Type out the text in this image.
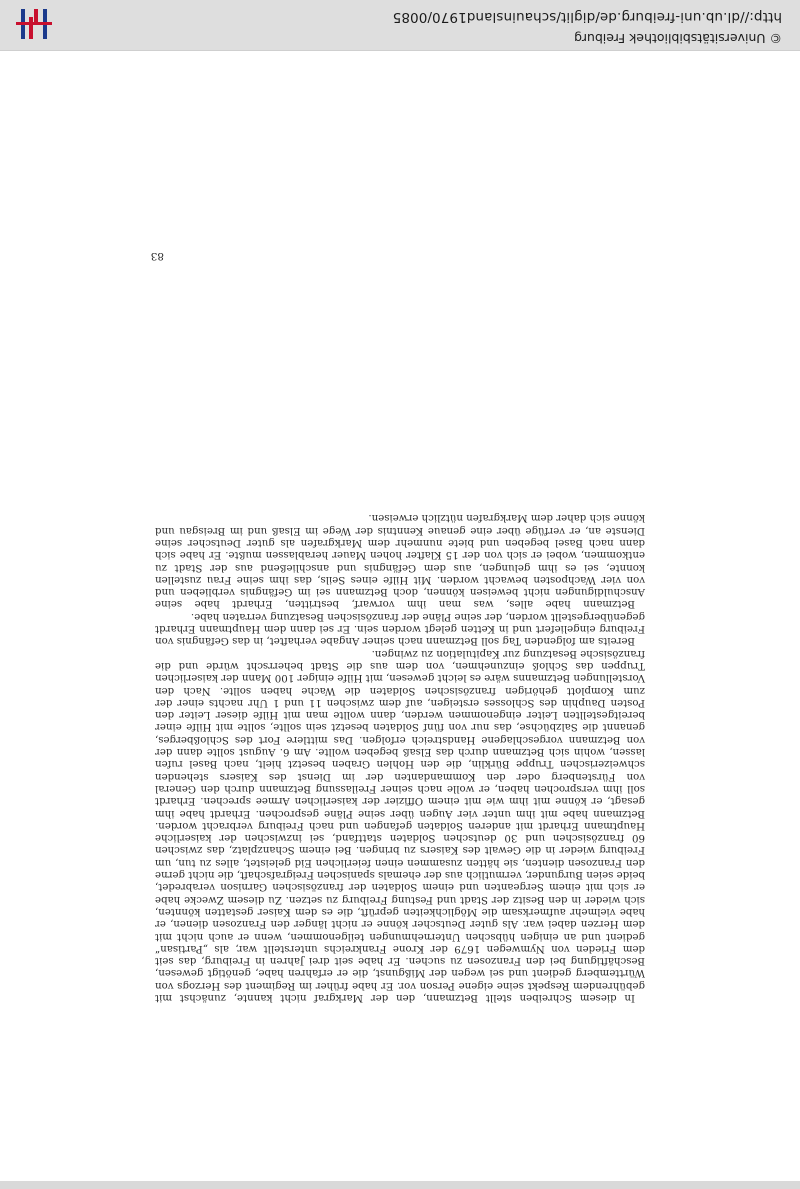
In diesem Schreiben stellt Betzmann, den der Markgraf nicht kannte, zunächst mit gebührendem Respekt seine eigene Person vor. Er habe früher im Regiment des Herzogs von Württemberg gedient und sei wegen der Mißgunst, die er erfahren habe, genötigt gewesen, Beschäftigung bei den Franzosen zu suchen. Er habe seit drei Jahren in Freiburg, das seit dem Frieden von Nymwegen 1679 der Krone Frankreichs unterstellt war, als „Partisan“ gedient und an einigen hübschen Unternehmungen teilgenommen, wenn er auch nicht mit dem Herzen dabei war. Als guter Deutscher könne er nicht länger den Franzosen dienen, er habe vielmehr aufmerksam die Möglichkeiten geprüft, die es dem Kaiser gestatten könnten, sich wieder in den Besitz der Stadt und Festung Freiburg zu setzen. Zu diesem Zwecke habe er sich mit einem Sergeanten und einem Soldaten der französischen Garnison verabredet, beide seien Burgunder, vermutlich aus der ehemals spanischen Freigrafschaft, die nicht gerne den Franzosen dienten, sie hätten zusammen einen feierlichen Eid geleistet, alles zu tun, um Freiburg wieder in die Gewalt des Kaisers zu bringen. Bei einem Schanzplatz, das zwischen 60 französischen und 30 deutschen Soldaten stattfand, sei inzwischen der kaiserliche Hauptmann Erhardt mit anderen Soldaten gefangen und nach Freiburg verbracht worden. Betzmann habe mit ihm unter vier Augen über seine Pläne gesprochen. Erhardt habe ihm gesagt, er könne mit ihm wie mit einem Offizier der kaiserlichen Armee sprechen. Erhardt soll ihm versprochen haben, er wolle nach seiner Freilassung Betzmann durch den General von Fürstenberg oder den Kommandanten der im Dienst des Kaisers stehenden schweizerischen Truppe Bürklin, die den Hohlen Graben besetzt hielt, nach Basel rufen lassen, wohin sich Betzmann durch das Elsaß begeben wollte. Am 6. August sollte dann der von Betzmann vorgeschlagene Handstreich erfolgen. Das mittlere Fort des Schloßberges, genannt die Salzbüchse, das nur von fünf Soldaten besetzt sein sollte, sollte mit Hilfe einer bereitgestellten Leiter eingenommen werden, dann wollte man mit Hilfe dieser Leiter den Posten Dauphin des Schlosses ersteigen, auf dem zwischen 11 und 1 Uhr nachts einer der zum Komplott gehörigen französischen Soldaten die Wache haben sollte. Nach den Vorstellungen Betzmanns wäre es leicht gewesen, mit Hilfe einiger 100 Mann der kaiserlichen Truppen das Schloß einzunehmen, von dem aus die Stadt beherrscht würde und die französische Besatzung zur Kapitulation zu zwingen.

Bereits am folgenden Tag soll Betzmann nach seiner Angabe verhaftet, in das Gefängnis von Freiburg eingeliefert und in Ketten gelegt worden sein. Er sei dann dem Hauptmann Erhardt gegenübergestellt worden, der seine Pläne der französischen Besatzung verraten habe.

Betzmann habe alles, was man ihm vorwarf, bestritten, Erhardt habe seine Anschuldigungen nicht beweisen können, doch Betzmann sei im Gefängnis verblieben und von vier Wachposten bewacht worden. Mit Hilfe eines Seils, das ihm seine Frau zustellen konnte, sei es ihm gelungen, aus dem Gefängnis und anschließend aus der Stadt zu entkommen, wobei er sich von der 15 Klafter hohen Mauer herablassen mußte. Er habe sich dann nach Basel begeben und biete nunmehr dem Markgrafen als guter Deutscher seine Dienste an, er verfüge über eine genaue Kenntnis der Wege im Elsaß und im Breisgau und könne sich daher dem Markgrafen nützlich erweisen.

83
© Universitätsbibliothek Freiburg
http://dl.ub.uni-freiburg.de/diglit/schauinsland1970/0085
